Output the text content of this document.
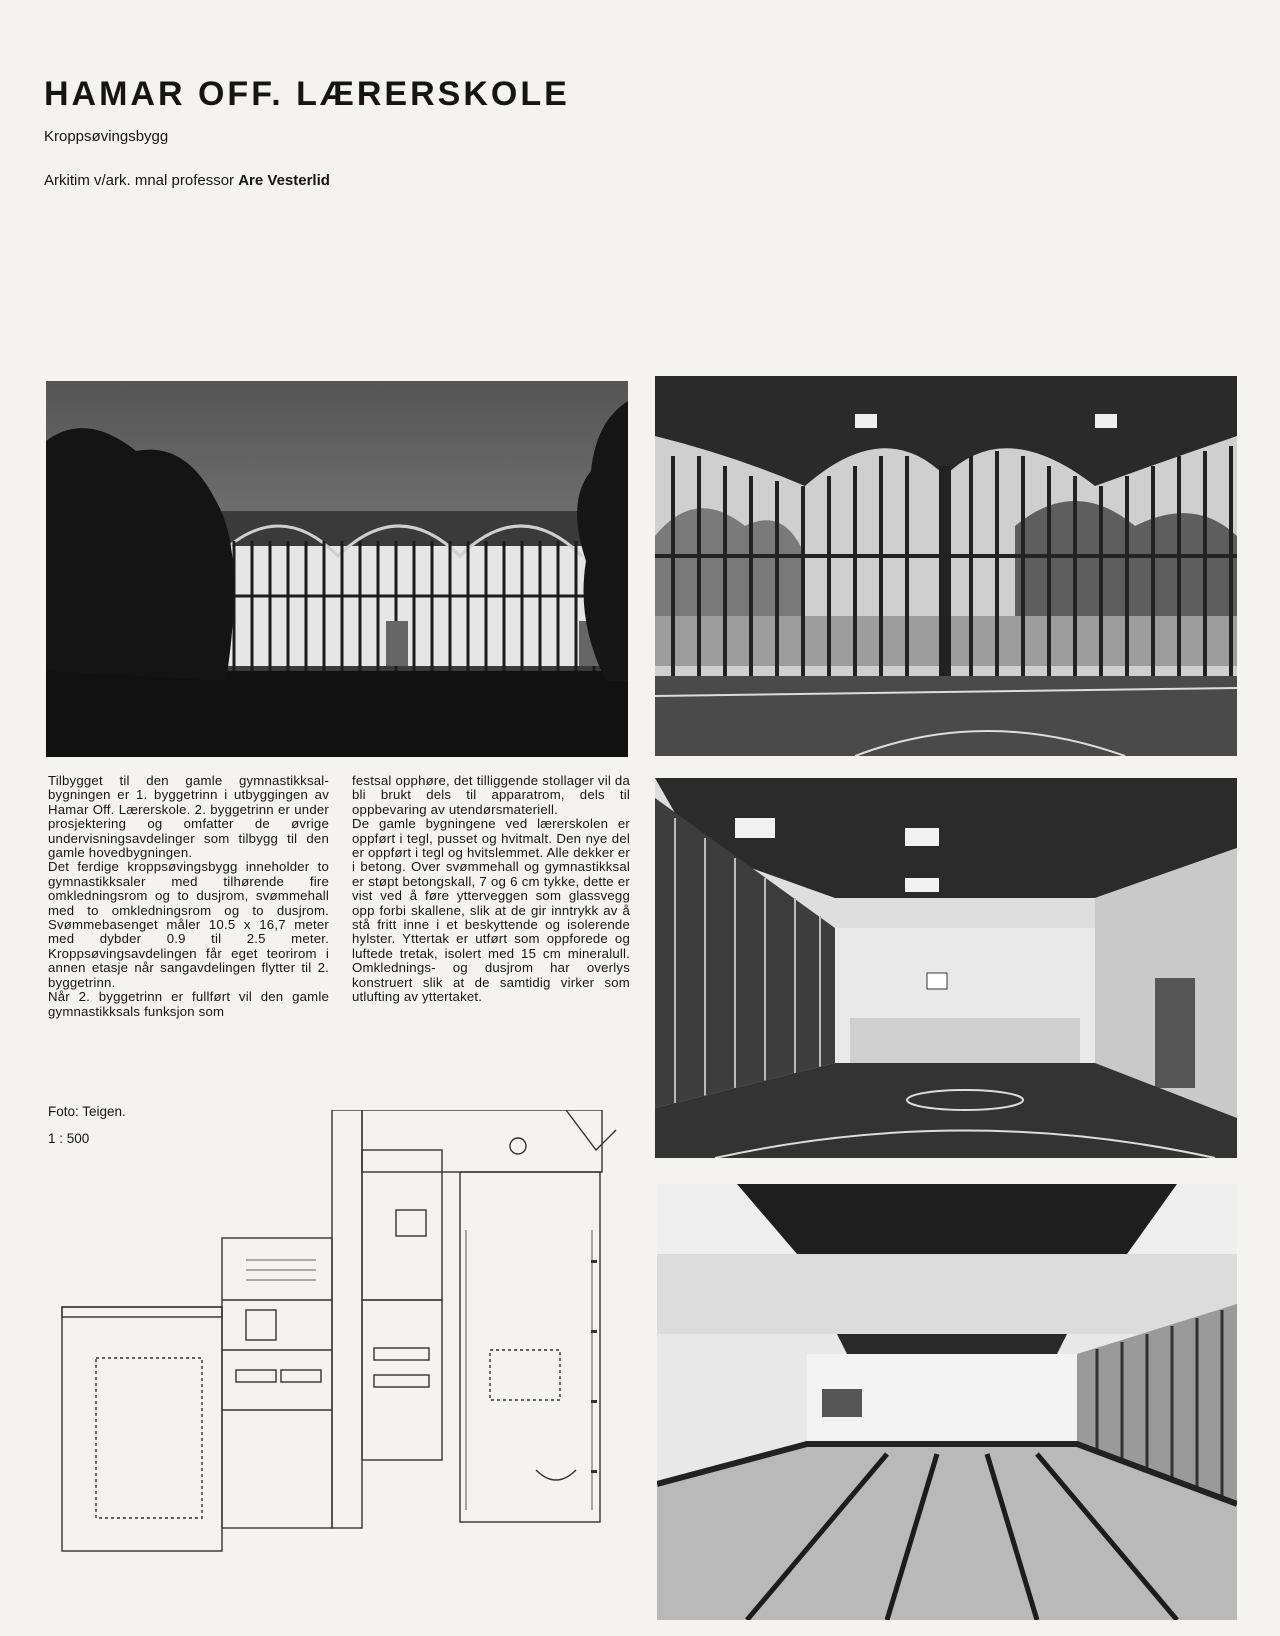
HAMAR OFF. LÆRERSKOLE
Kroppsøvingsbygg
Arkitim v/ark. mnal professor Are Vesterlid

Tilbygget til den gamle gymnastikksal-bygningen er 1. byggetrinn i utbyggingen av Hamar Off. Lærerskole. 2. byggetrinn er under prosjektering og omfatter de øvrige undervisningsavdelinger som tilbygg til den gamle hovedbygningen.

Det ferdige kroppsøvingsbygg inneholder to gymnastikksaler med tilhørende fire omkledningsrom og to dusjrom, svømmehall med to omkledningsrom og to dusjrom. Svømmebasenget måler 10.5 x 16,7 meter med dybder 0.9 til 2.5 meter. Kroppsøvingsavdelingen får eget teorirom i annen etasje når sangavdelingen flytter til 2. byggetrinn.

Når 2. byggetrinn er fullført vil den gamle gymnastikksals funksjon som

festsal opphøre, det tilliggende stollager vil da bli brukt dels til apparatrom, dels til oppbevaring av utendørsmateriell.

De gamle bygningene ved lærerskolen er oppført i tegl, pusset og hvitmalt. Den nye del er oppført i tegl og hvitslemmet. Alle dekker er i betong. Over svømmehall og gymnastikksal er støpt betongskall, 7 og 6 cm tykke, dette er vist ved å føre ytterveggen som glassvegg opp forbi skallene, slik at de gir inntrykk av å stå fritt inne i et beskyttende og isolerende hylster. Yttertak er utført som oppforede og luftede tretak, isolert med 15 cm mineralull. Omklednings- og dusjrom har overlys konstruert slik at de samtidig virker som utlufting av yttertaket.

Foto: Teigen.
1 : 500
